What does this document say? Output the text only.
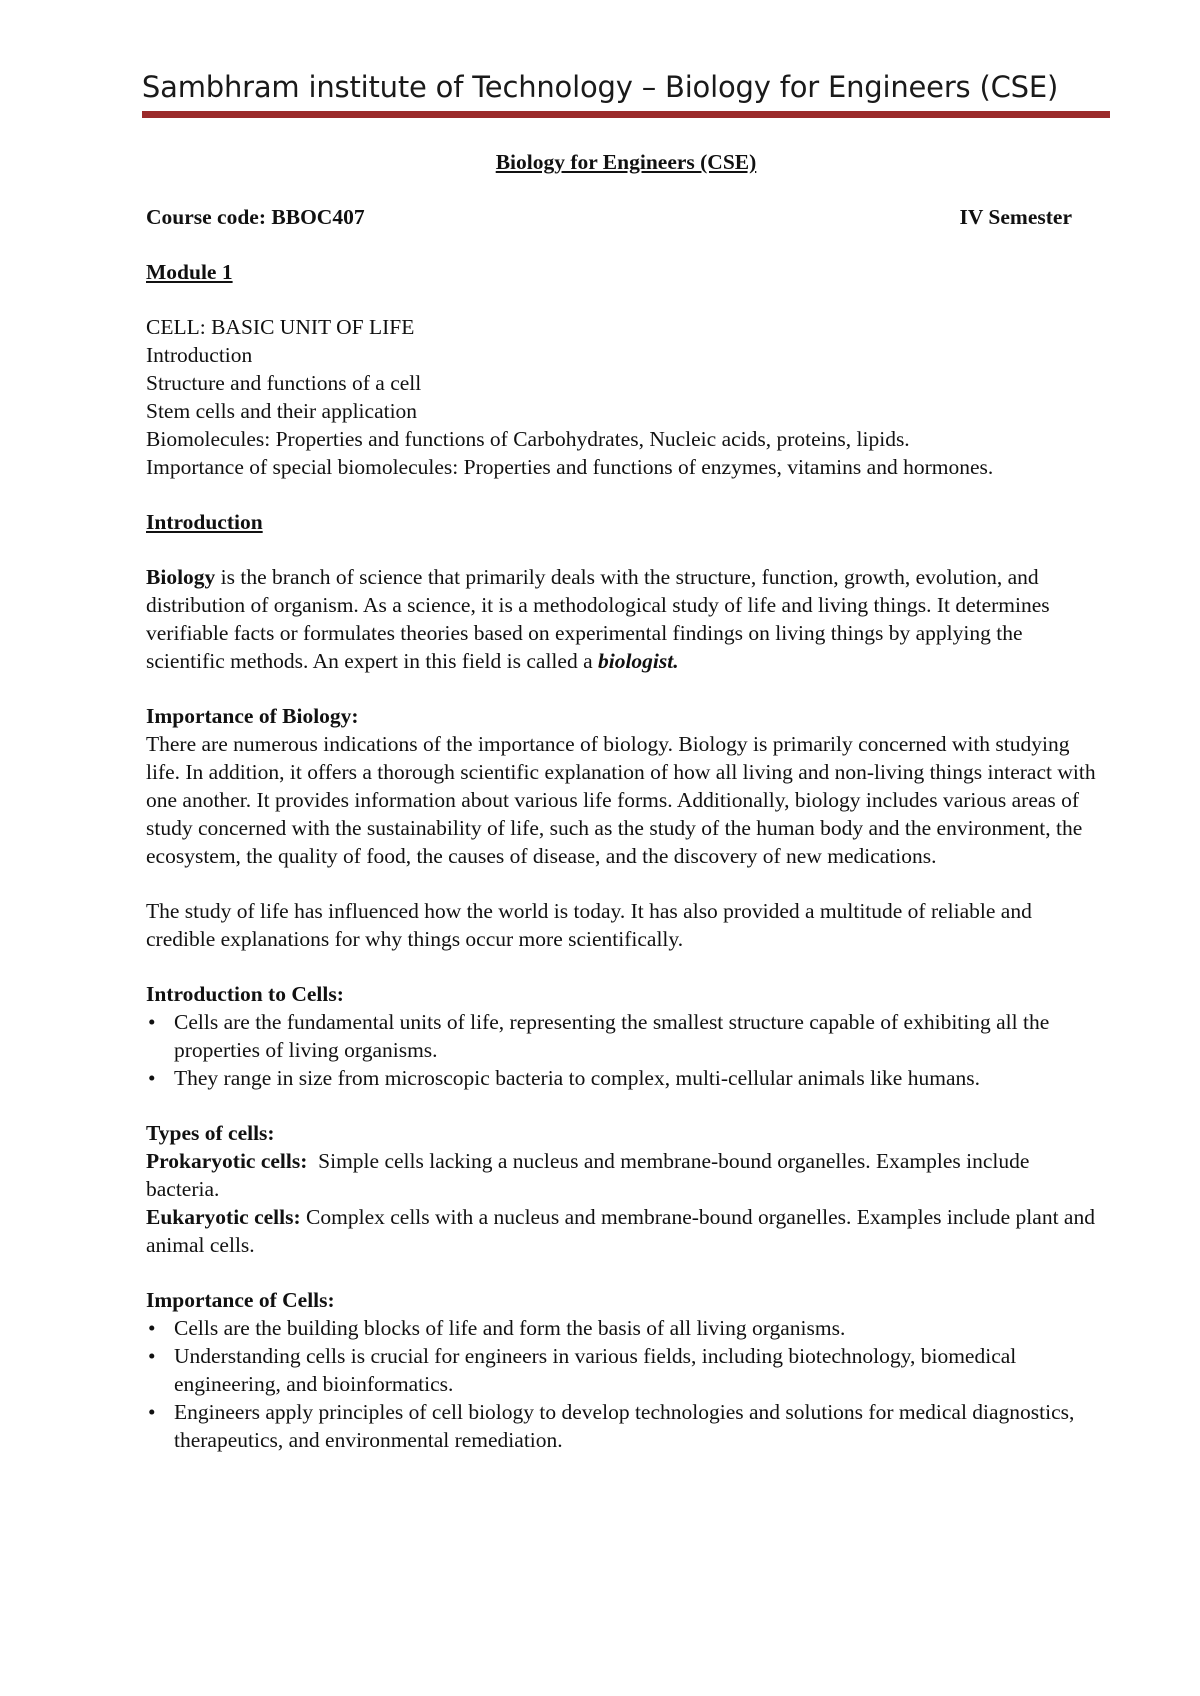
Sambhram institute of Technology – Biology for Engineers (CSE)

Biology for Engineers (CSE)

Course code: BBOC407	IV Semester
Module 1
CELL: BASIC UNIT OF LIFE
Introduction
Structure and functions of a cell
Stem cells and their application
Biomolecules: Properties and functions of Carbohydrates, Nucleic acids, proteins, lipids.
Importance of special biomolecules: Properties and functions of enzymes, vitamins and hormones.
Introduction

Biology is the branch of science that primarily deals with the structure, function, growth, evolution, and distribution of organism. As a science, it is a methodological study of life and living things. It determines verifiable facts or formulates theories based on experimental findings on living things by applying the scientific methods. An expert in this field is called a biologist.

Importance of Biology:

There are numerous indications of the importance of biology. Biology is primarily concerned with studying life. In addition, it offers a thorough scientific explanation of how all living and non-living things interact with one another. It provides information about various life forms. Additionally, biology includes various areas of study concerned with the sustainability of life, such as the study of the human body and the environment, the ecosystem, the quality of food, the causes of disease, and the discovery of new medications.

The study of life has influenced how the world is today. It has also provided a multitude of reliable and credible explanations for why things occur more scientifically.

Introduction to Cells:
• Cells are the fundamental units of life, representing the smallest structure capable of exhibiting all the properties of living organisms.
• They range in size from microscopic bacteria to complex, multi-cellular animals like humans.
Types of cells:

Prokaryotic cells:  Simple cells lacking a nucleus and membrane-bound organelles. Examples include bacteria.

Eukaryotic cells: Complex cells with a nucleus and membrane-bound organelles. Examples include plant and animal cells.

Importance of Cells:
• Cells are the building blocks of life and form the basis of all living organisms.
• Understanding cells is crucial for engineers in various fields, including biotechnology, biomedical engineering, and bioinformatics.
• Engineers apply principles of cell biology to develop technologies and solutions for medical diagnostics, therapeutics, and environmental remediation.
